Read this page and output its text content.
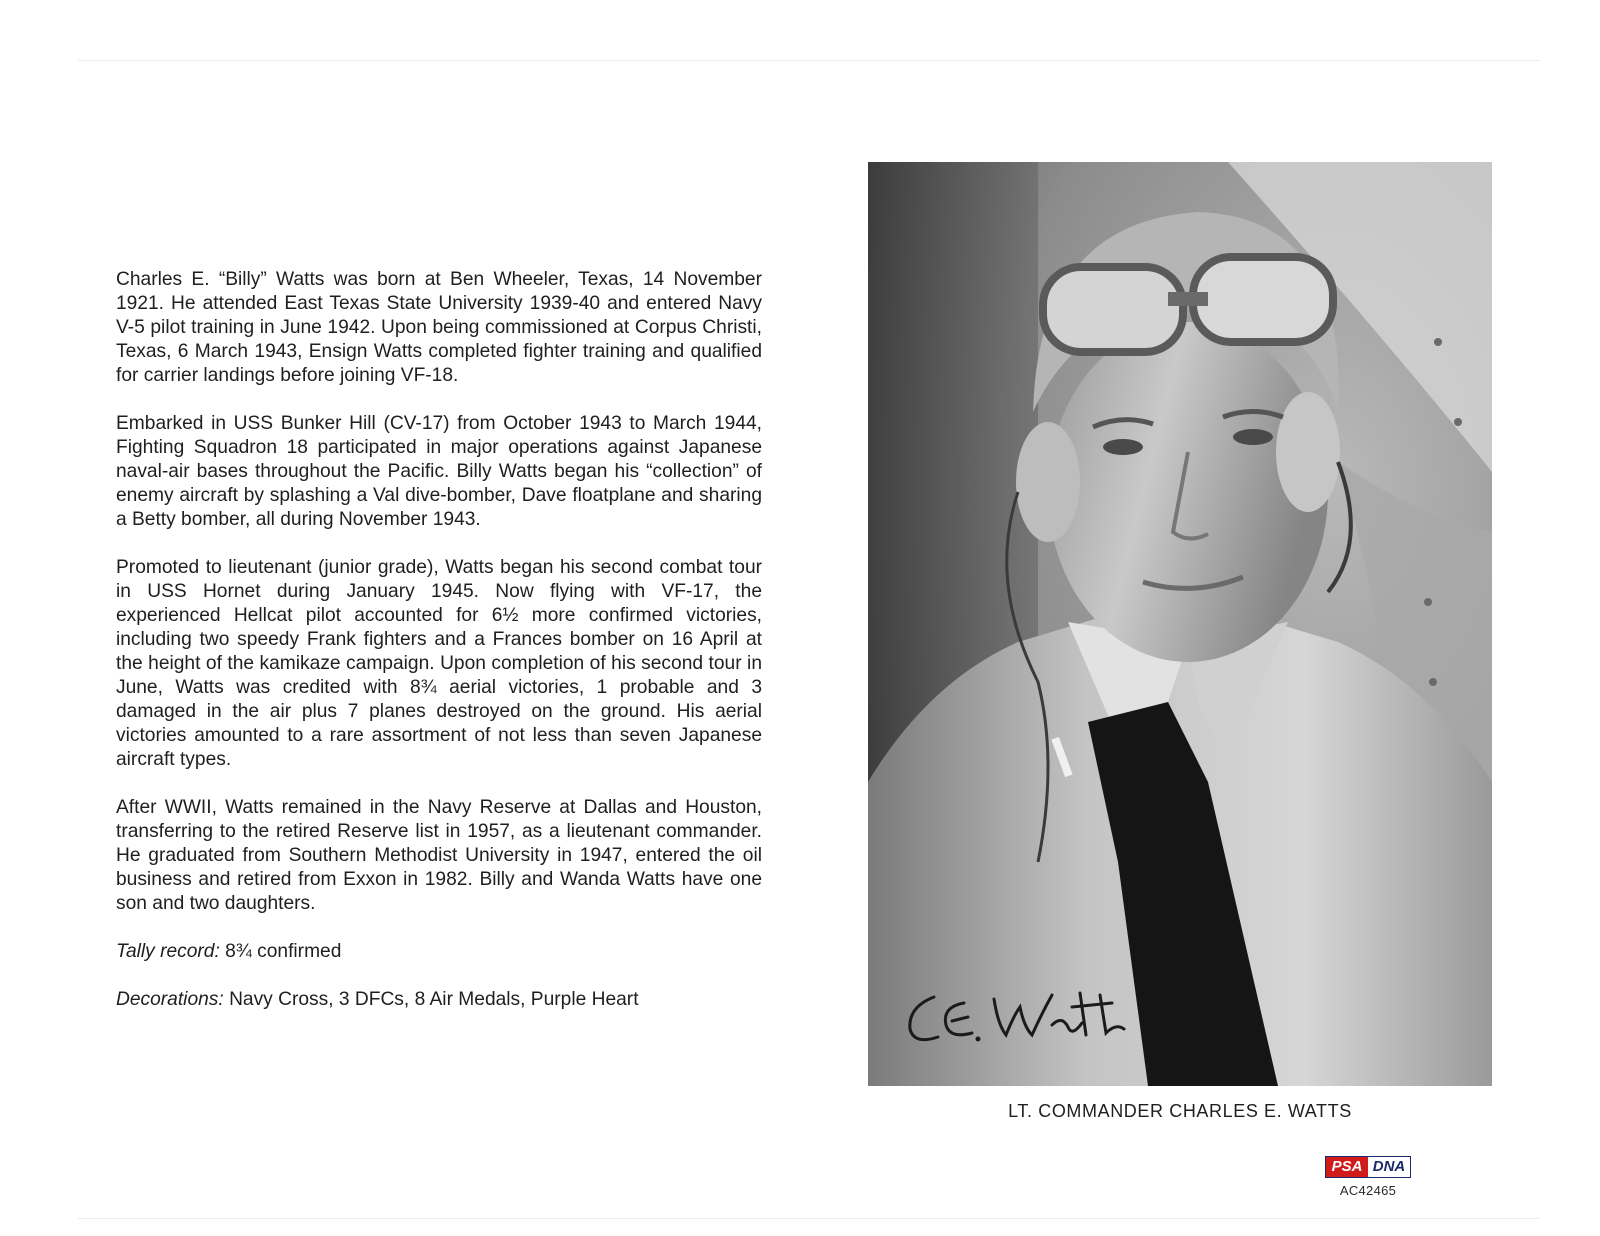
Charles E. “Billy” Watts was born at Ben Wheeler, Texas, 14 November 1921. He attended East Texas State University 1939-40 and entered Navy V-5 pilot training in June 1942. Upon being commissioned at Corpus Christi, Texas, 6 March 1943, Ensign Watts completed fighter training and qualified for carrier landings before joining VF-18.

Embarked in USS Bunker Hill (CV-17) from October 1943 to March 1944, Fighting Squadron 18 participated in major operations against Japanese naval-air bases throughout the Pacific. Billy Watts began his “collection” of enemy aircraft by splashing a Val dive-bomber, Dave floatplane and sharing a Betty bomber, all during November 1943.

Promoted to lieutenant (junior grade), Watts began his second combat tour in USS Hornet during January 1945. Now flying with VF-17, the experienced Hellcat pilot accounted for 6½ more confirmed victories, including two speedy Frank fighters and a Frances bomber on 16 April at the height of the kamikaze campaign. Upon completion of his second tour in June, Watts was credited with 8¾ aerial victories, 1 probable and 3 damaged in the air plus 7 planes destroyed on the ground. His aerial victories amounted to a rare assortment of not less than seven Japanese aircraft types.

After WWII, Watts remained in the Navy Reserve at Dallas and Houston, transferring to the retired Reserve list in 1957, as a lieutenant commander. He graduated from Southern Methodist University in 1947, entered the oil business and retired from Exxon in 1982. Billy and Wanda Watts have one son and two daughters.

Tally record: 8¾ confirmed

Decorations: Navy Cross, 3 DFCs, 8 Air Medals, Purple Heart

LT. COMMANDER CHARLES E. WATTS
PSA DNA
AC42465
